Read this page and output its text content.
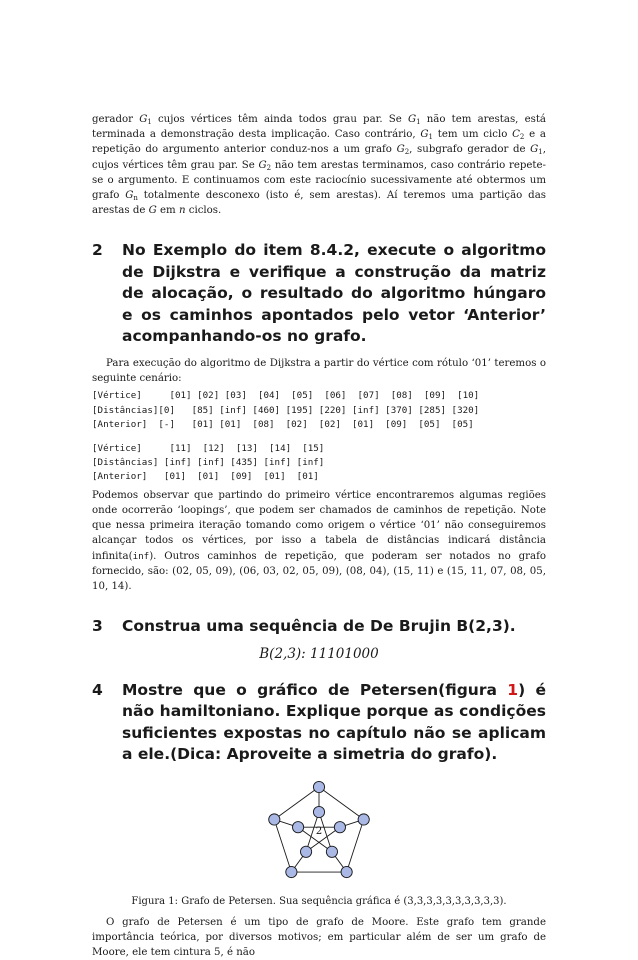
gerador $G_1$ cujos vértices têm ainda todos grau par. Se $G_1$ não tem arestas, está terminada a demonstração desta implicação. Caso contrário, $G_1$ tem um ciclo $C_2$ e a repetição do argumento anterior conduz-nos a um grafo $G_2$, subgrafo gerador de $G_1$, cujos vértices têm grau par. Se $G_2$ não tem arestas terminamos, caso contrário repete-se o argumento. E continuamos com este raciocínio sucessivamente até obtermos um grafo $G_n$ totalmente desconexo (isto é, sem arestas). Aí teremos uma partição das arestas de G em n ciclos.

2	No Exemplo do item 8.4.2, execute o algoritmo de Dijkstra e verifique a construção da matriz de alocação, o resultado do algoritmo húngaro e os caminhos apontados pelo vetor ‘Anterior’ acompanhando-os no grafo.

Para execução do algoritmo de Dijkstra a partir do vértice com rótulo ‘01’ teremos o seguinte cenário:

[Vértice]     [01] [02] [03]  [04]  [05]  [06]  [07]  [08]  [09]  [10]
[Distâncias][0]   [85] [inf] [460] [195] [220] [inf] [370] [285] [320]
[Anterior]  [-]   [01] [01]  [08]  [02]  [02]  [01]  [09]  [05]  [05]
[Vértice]     [11]  [12]  [13]  [14]  [15]
[Distâncias] [inf] [inf] [435] [inf] [inf]
[Anterior]   [01]  [01]  [09]  [01]  [01]

Podemos observar que partindo do primeiro vértice encontraremos algumas regiões onde ocorrerão ‘loopings’, que podem ser chamados de caminhos de repetição. Note que nessa primeira iteração tomando como origem o vértice ‘01’ não conseguiremos alcançar todos os vértices, por isso a tabela de distâncias indicará distância infinita(inf). Outros caminhos de repetição, que poderam ser notados no grafo fornecido, são: (02, 05, 09), (06, 03, 02, 05, 09), (08, 04), (15, 11) e (15, 11, 07, 08, 05, 10, 14).

3	Construa uma sequência de De Brujin B(2,3).
B(2,3): 11101000
4	Mostre que o gráfico de Petersen(figura 1) é não hamiltoniano. Explique porque as condições suficientes expostas no capítulo não se aplicam a ele.(Dica: Aproveite a simetria do grafo).
Figura 1: Grafo de Petersen. Sua sequência gráfica é (3,3,3,3,3,3,3,3,3,3).

O grafo de Petersen é um tipo de grafo de Moore. Este grafo tem grande importância teórica, por diversos motivos; em particular além de ser um grafo de Moore, ele tem cintura 5, é não

2
